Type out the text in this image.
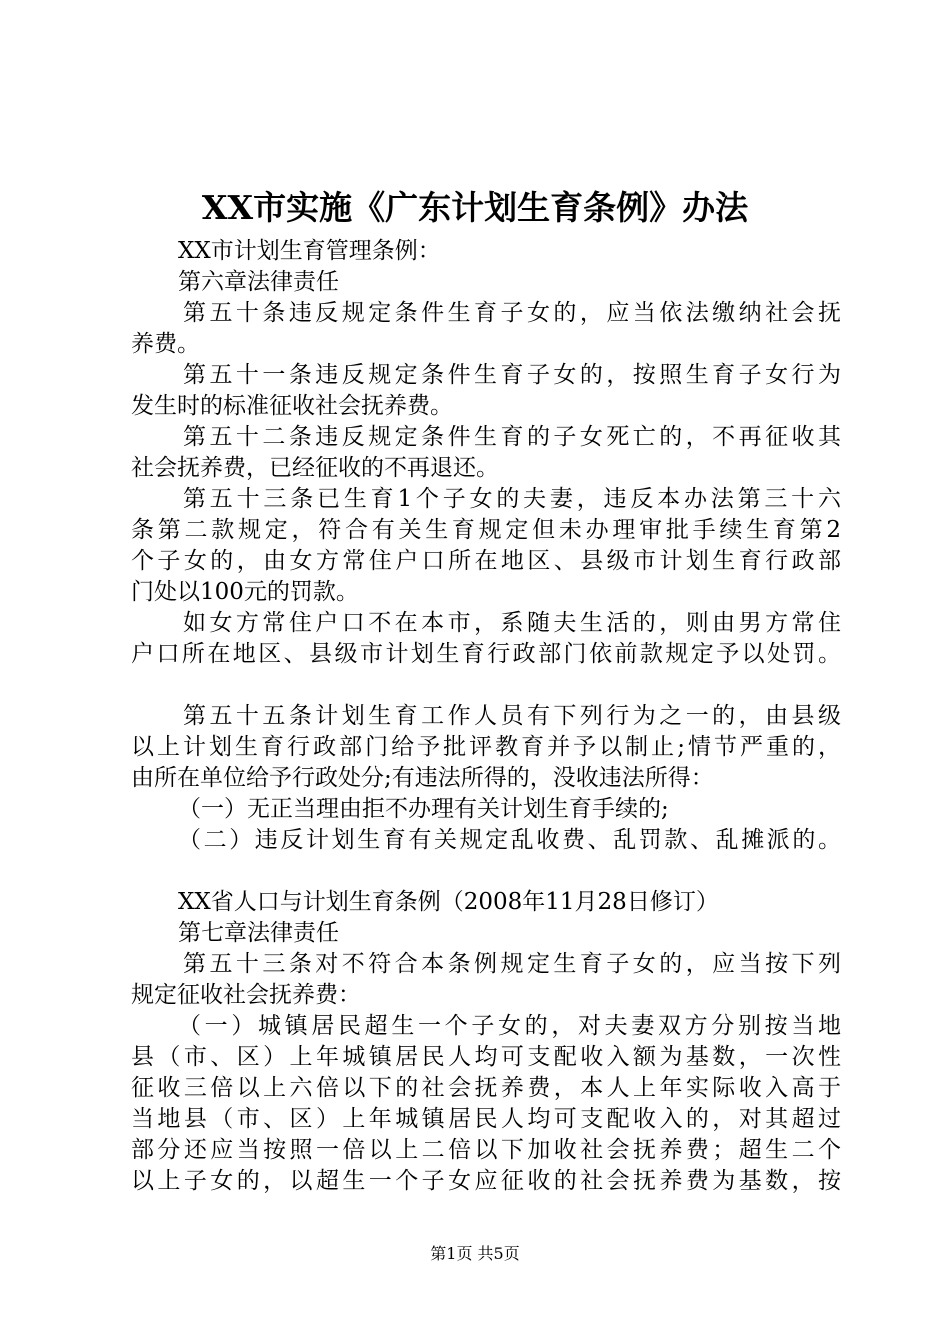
XX市实施《广东计划生育条例》办法
XX市计划生育管理条例：
第六章法律责任
第五十条违反规定条件生育子女的，应当依法缴纳社会抚
养费。
第五十一条违反规定条件生育子女的，按照生育子女行为
发生时的标准征收社会抚养费。
第五十二条违反规定条件生育的子女死亡的，不再征收其
社会抚养费，已经征收的不再退还。
第五十三条已生育1个子女的夫妻，违反本办法第三十六
条第二款规定，符合有关生育规定但未办理审批手续生育第2
个子女的，由女方常住户口所在地区、县级市计划生育行政部
门处以100元的罚款。
如女方常住户口不在本市，系随夫生活的，则由男方常住
户口所在地区、县级市计划生育行政部门依前款规定予以处罚。
第五十五条计划生育工作人员有下列行为之一的，由县级
以上计划生育行政部门给予批评教育并予以制止;情节严重的，
由所在单位给予行政处分;有违法所得的，没收违法所得：
（一）无正当理由拒不办理有关计划生育手续的;
（二）违反计划生育有关规定乱收费、乱罚款、乱摊派的。
XX省人口与计划生育条例（2008年11月28日修订）
第七章法律责任
第五十三条对不符合本条例规定生育子女的，应当按下列
规定征收社会抚养费：
（一）城镇居民超生一个子女的，对夫妻双方分别按当地
县（市、区）上年城镇居民人均可支配收入额为基数，一次性
征收三倍以上六倍以下的社会抚养费，本人上年实际收入高于
当地县（市、区）上年城镇居民人均可支配收入的，对其超过
部分还应当按照一倍以上二倍以下加收社会抚养费；超生二个
以上子女的，以超生一个子女应征收的社会抚养费为基数，按
第1页 共5页
